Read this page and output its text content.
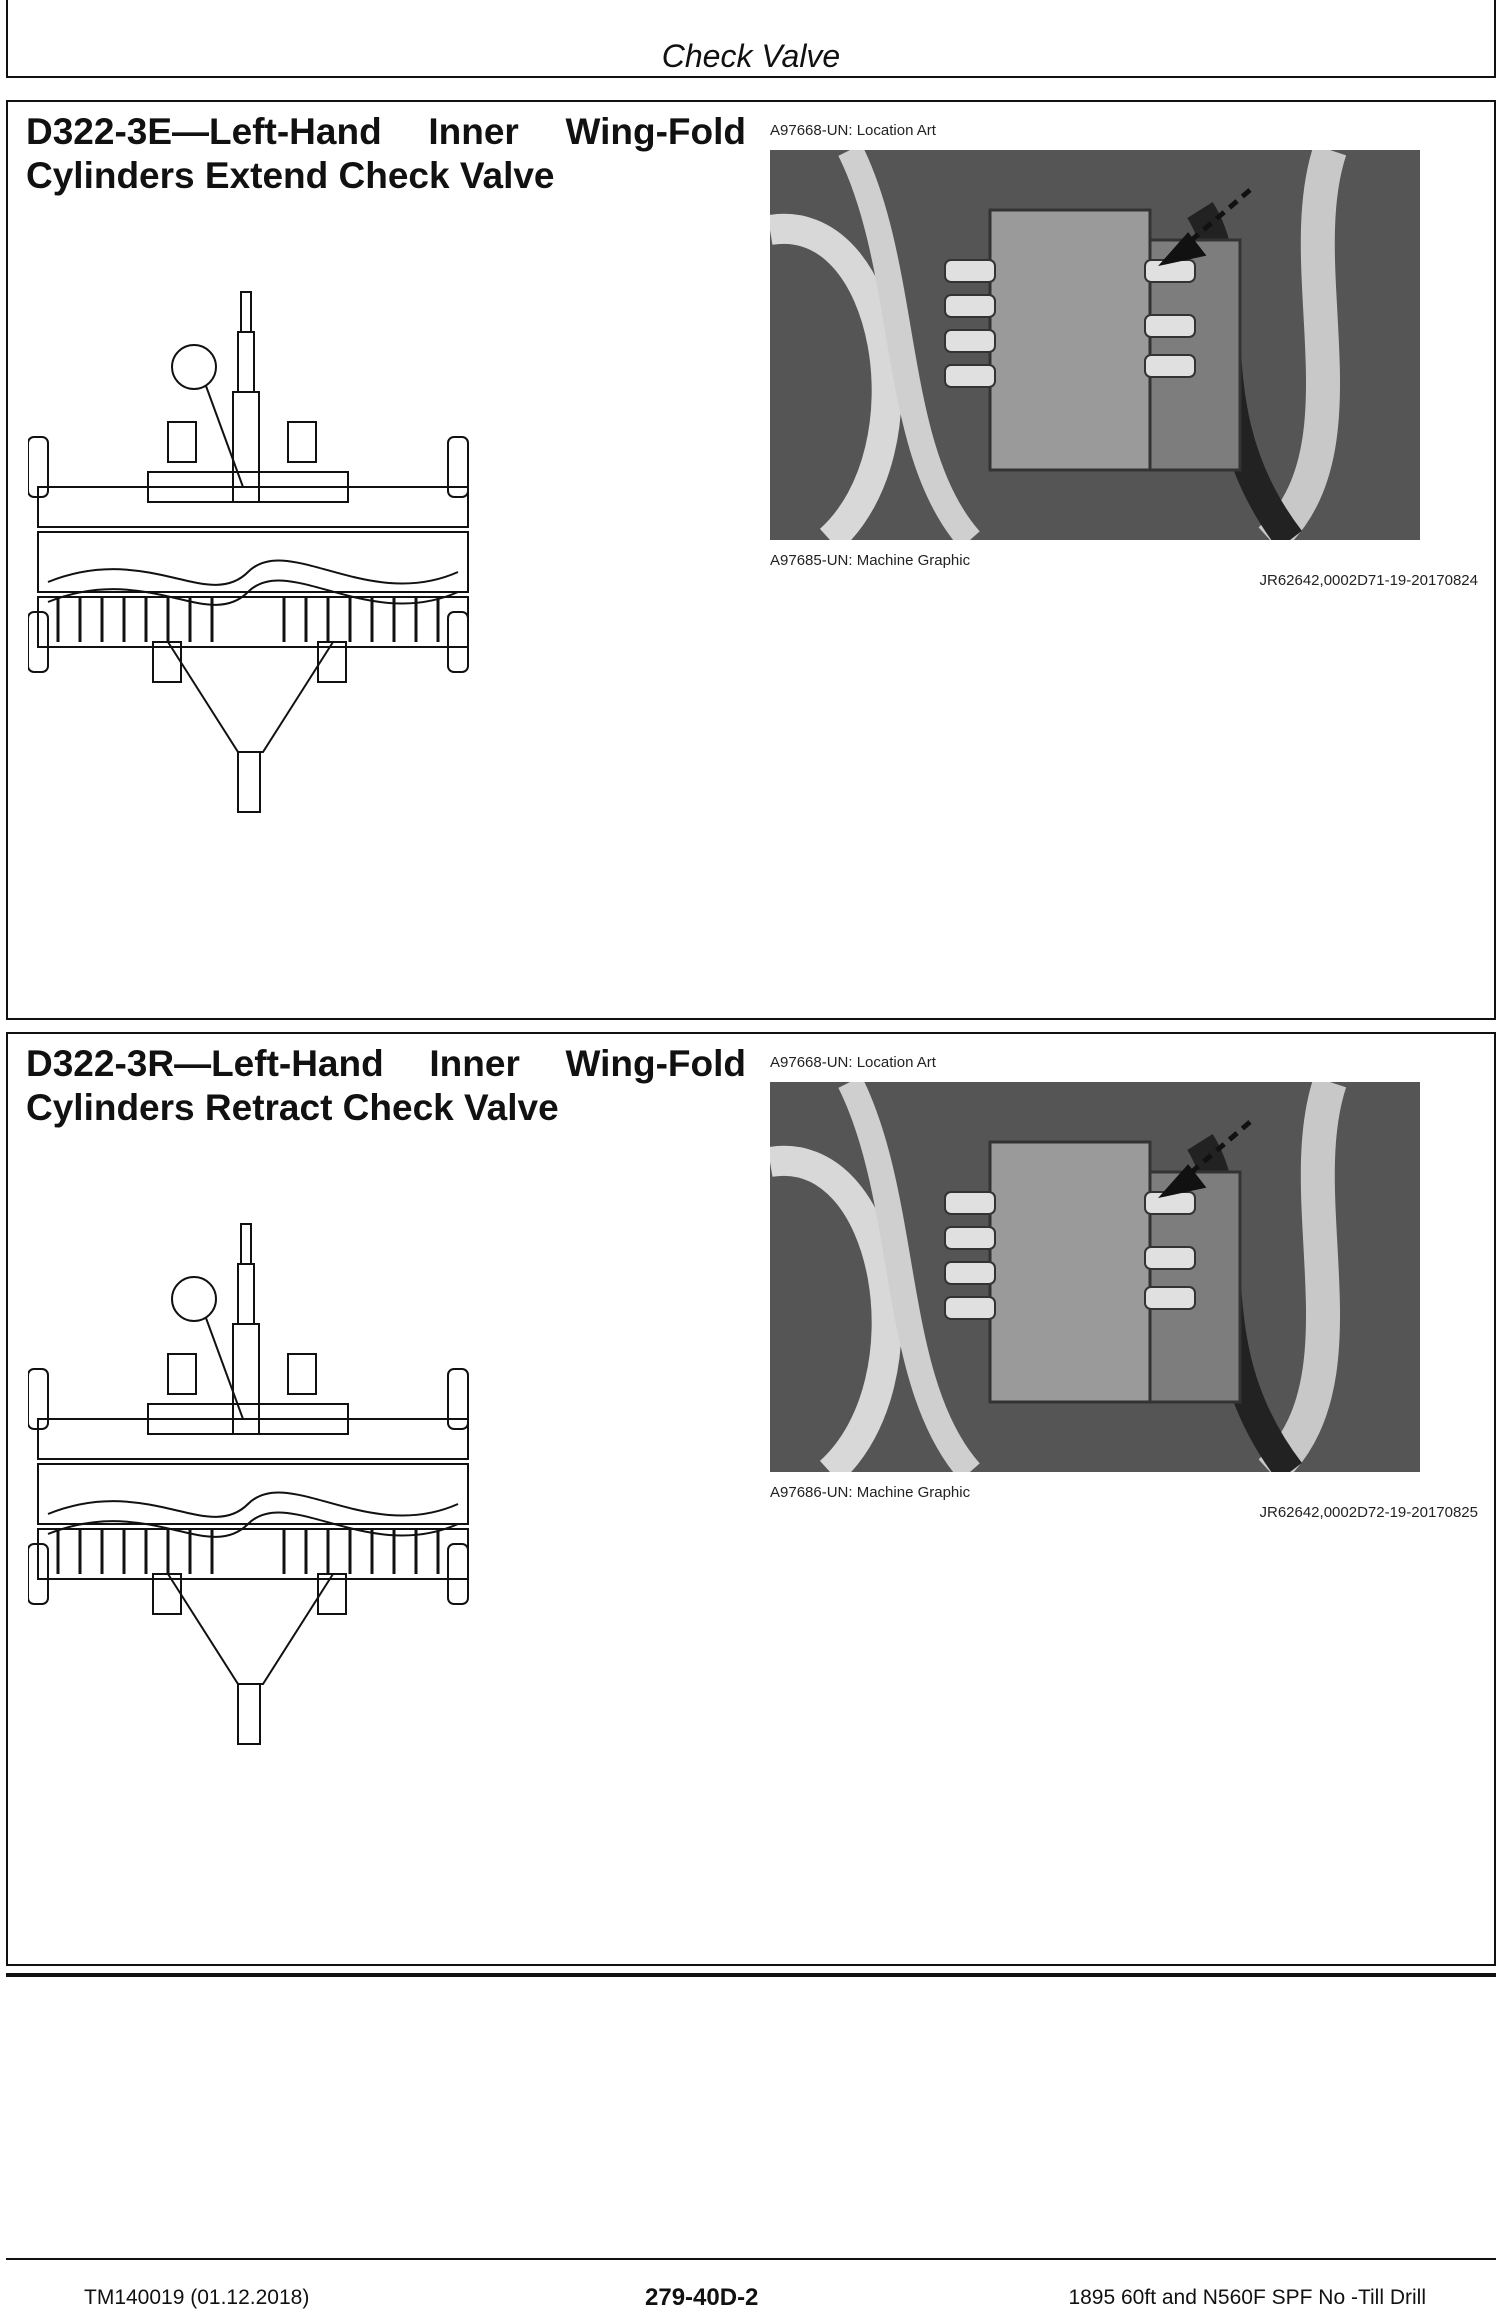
Check Valve
D322-3E—Left-Hand Inner Wing-Fold
Cylinders Extend Check Valve
A97668-UN: Location Art
A97685-UN: Machine Graphic
JR62642,0002D71-19-20170824
D322-3R—Left-Hand Inner Wing-Fold
Cylinders Retract Check Valve
A97668-UN: Location Art
A97686-UN: Machine Graphic
JR62642,0002D72-19-20170825
TM140019 (01.12.2018)	279-40D-2	1895 60ft and N560F SPF No -Till Drill
